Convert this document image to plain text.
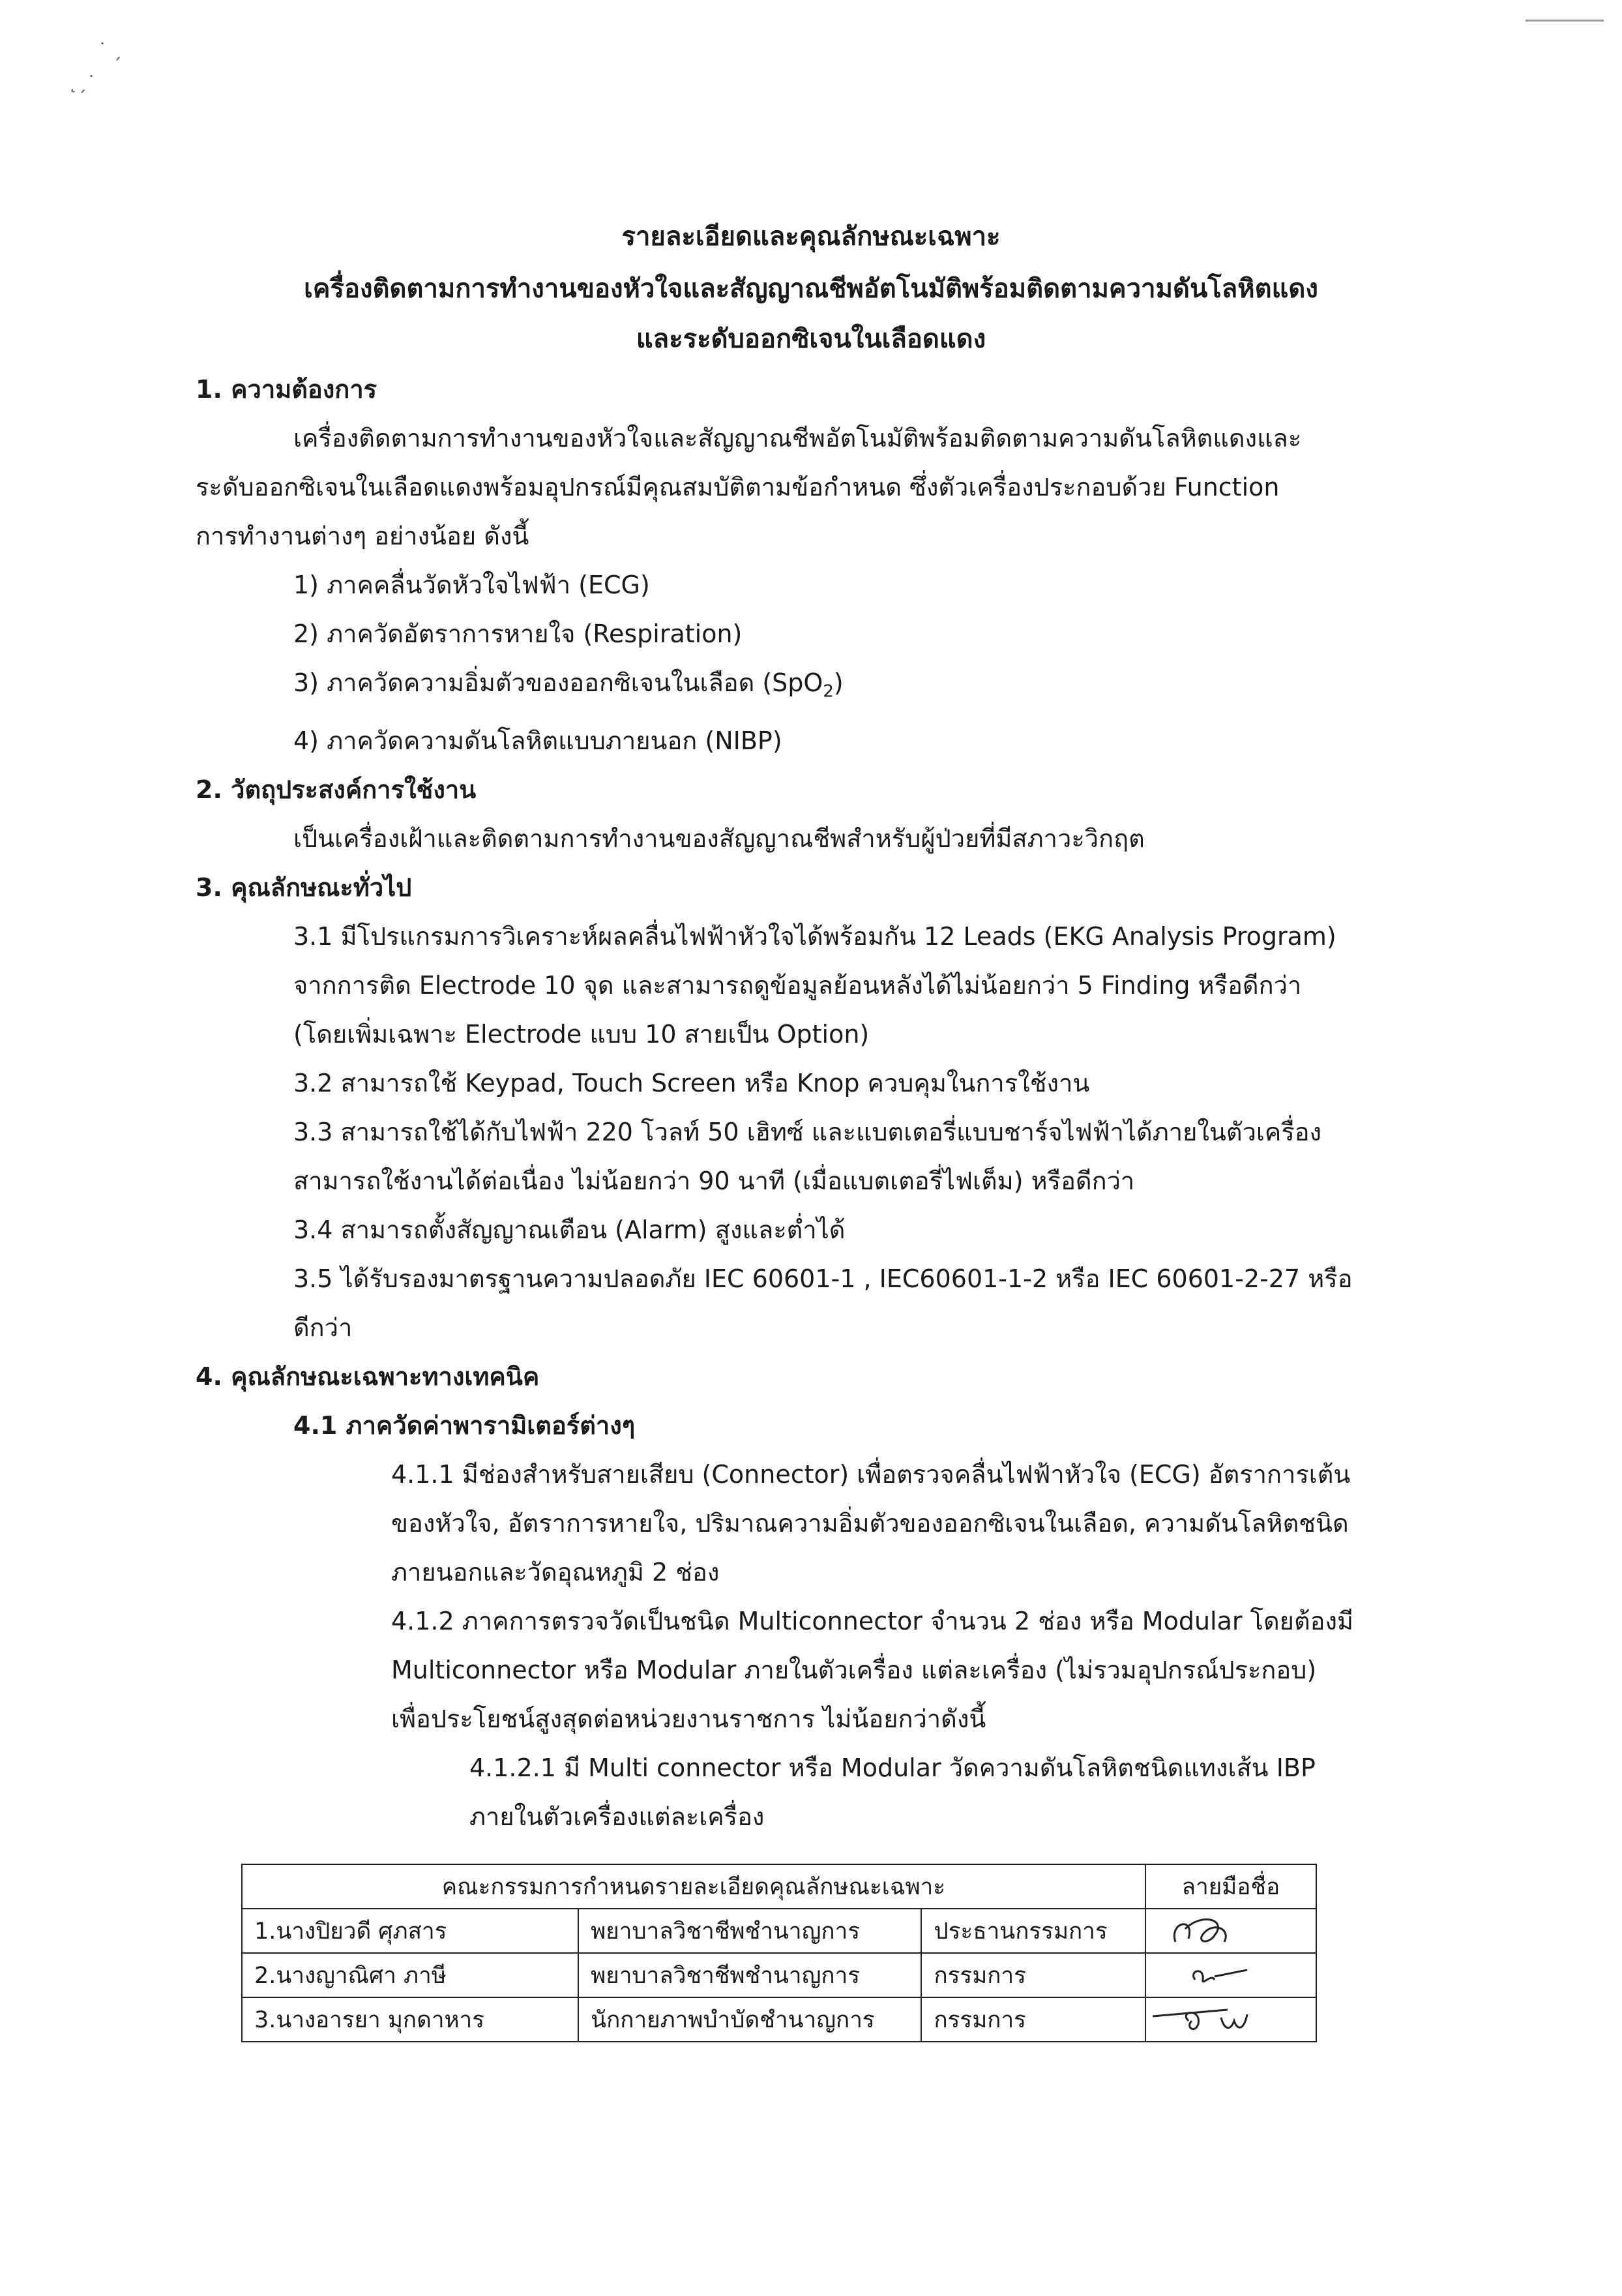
˙ ˏ
˛ˏ˙
รายละเอียดและคุณลักษณะเฉพาะ
เครื่องติดตามการทำงานของหัวใจและสัญญาณชีพอัตโนมัติพร้อมติดตามความดันโลหิตแดง
และระดับออกซิเจนในเลือดแดง

1. ความต้องการ

เครื่องติดตามการทำงานของหัวใจและสัญญาณชีพอัตโนมัติพร้อมติดตามความดันโลหิตแดงและ

ระดับออกซิเจนในเลือดแดงพร้อมอุปกรณ์มีคุณสมบัติตามข้อกำหนด ซึ่งตัวเครื่องประกอบด้วย Function

การทำงานต่างๆ อย่างน้อย ดังนี้

1) ภาคคลื่นวัดหัวใจไฟฟ้า (ECG)

2) ภาควัดอัตราการหายใจ (Respiration)

3) ภาควัดความอิ่มตัวของออกซิเจนในเลือด (SpO$_2$)

4) ภาควัดความดันโลหิตแบบภายนอก (NIBP)

2. วัตถุประสงค์การใช้งาน

เป็นเครื่องเฝ้าและติดตามการทำงานของสัญญาณชีพสำหรับผู้ป่วยที่มีสภาวะวิกฤต

3. คุณลักษณะทั่วไป

3.1 มีโปรแกรมการวิเคราะห์ผลคลื่นไฟฟ้าหัวใจได้พร้อมกัน 12 Leads (EKG Analysis Program)

จากการติด Electrode 10 จุด และสามารถดูข้อมูลย้อนหลังได้ไม่น้อยกว่า 5 Finding หรือดีกว่า

(โดยเพิ่มเฉพาะ Electrode แบบ 10 สายเป็น Option)

3.2 สามารถใช้ Keypad, Touch Screen หรือ Knop ควบคุมในการใช้งาน

3.3 สามารถใช้ได้กับไฟฟ้า 220 โวลท์ 50 เฮิทซ์ และแบตเตอรี่แบบชาร์จไฟฟ้าได้ภายในตัวเครื่อง

สามารถใช้งานได้ต่อเนื่อง ไม่น้อยกว่า 90 นาที (เมื่อแบตเตอรี่ไฟเต็ม) หรือดีกว่า

3.4 สามารถตั้งสัญญาณเตือน (Alarm) สูงและต่ำได้

3.5 ได้รับรองมาตรฐานความปลอดภัย IEC 60601-1 , IEC60601-1-2 หรือ IEC 60601-2-27 หรือ

ดีกว่า

4. คุณลักษณะเฉพาะทางเทคนิค

4.1 ภาควัดค่าพารามิเตอร์ต่างๆ

4.1.1 มีช่องสำหรับสายเสียบ (Connector) เพื่อตรวจคลื่นไฟฟ้าหัวใจ (ECG) อัตราการเต้น

ของหัวใจ, อัตราการหายใจ, ปริมาณความอิ่มตัวของออกซิเจนในเลือด, ความดันโลหิตชนิด

ภายนอกและวัดอุณหภูมิ 2 ช่อง

4.1.2 ภาคการตรวจวัดเป็นชนิด Multiconnector จำนวน 2 ช่อง หรือ Modular โดยต้องมี

Multiconnector หรือ Modular ภายในตัวเครื่อง แต่ละเครื่อง (ไม่รวมอุปกรณ์ประกอบ)

เพื่อประโยชน์สูงสุดต่อหน่วยงานราชการ ไม่น้อยกว่าดังนี้

4.1.2.1 มี Multi connector หรือ Modular วัดความดันโลหิตชนิดแทงเส้น IBP

ภายในตัวเครื่องแต่ละเครื่อง

คณะกรรมการกำหนดรายละเอียดคุณลักษณะเฉพาะ			ลายมือชื่อ
1.นางปิยวดี ศุภสาร	พยาบาลวิชาชีพชำนาญการ	ประธานกรรมการ	

2.นางญาณิศา ภาษี	พยาบาลวิชาชีพชำนาญการ	กรรมการ	

3.นางอารยา มุกดาหาร	นักกายภาพบำบัดชำนาญการ	กรรมการ	
